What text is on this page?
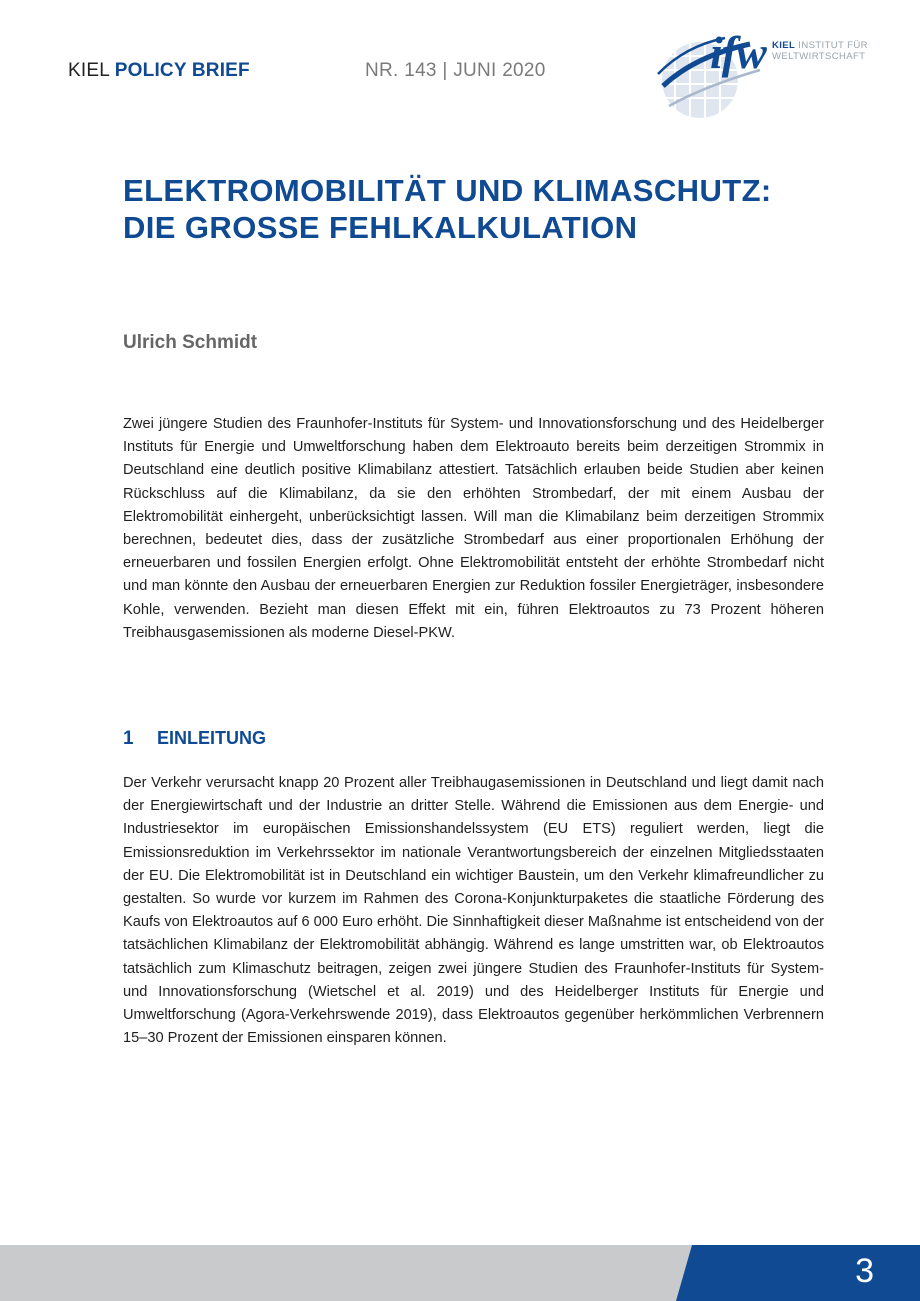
KIEL POLICY BRIEF	NR. 143 | JUNI 2020	ifw KIEL INSTITUT FÜR
WELTWIRTSCHAFT
ELEKTROMOBILITÄT UND KLIMASCHUTZ: DIE GROSSE FEHLKALKULATION
Ulrich Schmidt

Zwei jüngere Studien des Fraunhofer-Instituts für System- und Innovationsforschung und des Heidelberger Instituts für Energie und Umweltforschung haben dem Elektroauto bereits beim derzeitigen Strommix in Deutschland eine deutlich positive Klimabilanz attestiert. Tatsächlich erlauben beide Studien aber keinen Rückschluss auf die Klimabilanz, da sie den erhöhten Strombedarf, der mit einem Ausbau der Elektromobilität einhergeht, unberücksichtigt lassen. Will man die Klimabilanz beim derzeitigen Strommix berechnen, bedeutet dies, dass der zusätzliche Strombedarf aus einer proportionalen Erhöhung der erneuerbaren und fossilen Energien erfolgt. Ohne Elektromobilität entsteht der erhöhte Strombedarf nicht und man könnte den Ausbau der erneuerbaren Energien zur Reduktion fossiler Energieträger, insbesondere Kohle, verwenden. Bezieht man diesen Effekt mit ein, führen Elektroautos zu 73 Prozent höheren Treibhausgasemissionen als moderne Diesel-PKW.

1 EINLEITUNG

Der Verkehr verursacht knapp 20 Prozent aller Treibhaugasemissionen in Deutschland und liegt damit nach der Energiewirtschaft und der Industrie an dritter Stelle. Während die Emissionen aus dem Energie- und Industriesektor im europäischen Emissionshandelssystem (EU ETS) reguliert werden, liegt die Emissionsreduktion im Verkehrssektor im nationale Verantwortungsbereich der einzelnen Mitgliedsstaaten der EU. Die Elektromobilität ist in Deutschland ein wichtiger Baustein, um den Verkehr klimafreundlicher zu gestalten. So wurde vor kurzem im Rahmen des Corona-Konjunkturpaketes die staatliche Förderung des Kaufs von Elektroautos auf 6 000 Euro erhöht. Die Sinnhaftigkeit dieser Maßnahme ist entscheidend von der tatsächlichen Klimabilanz der Elektromobilität abhängig. Während es lange umstritten war, ob Elektroautos tatsächlich zum Klimaschutz beitragen, zeigen zwei jüngere Studien des Fraunhofer-Instituts für System- und Innovationsforschung (Wietschel et al. 2019) und des Heidelberger Instituts für Energie und Umweltforschung (Agora-Verkehrswende 2019), dass Elektroautos gegenüber herkömmlichen Verbrennern 15–30 Prozent der Emissionen einsparen können.

3
